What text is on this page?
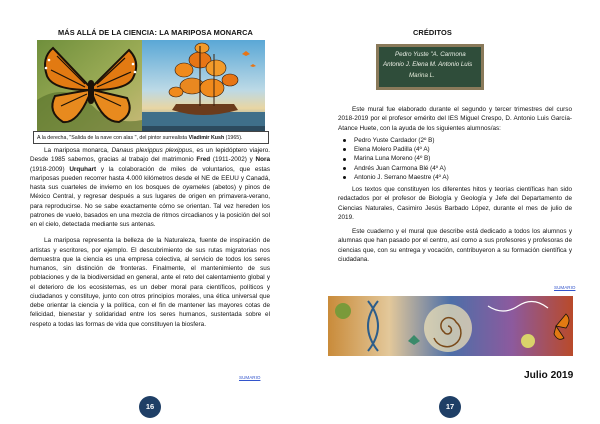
MÁS ALLÁ DE LA CIENCIA: LA MARIPOSA MONARCA
A la derecha, "Salida de la nave con alas ", del pintor surrealista Vladimir Kush (1965).

La mariposa monarca, Danaus plexippus plexippus, es un lepidóptero viajero. Desde 1985 sabemos, gracias al trabajo del matrimonio Fred (1911-2002) y Nora (1918-2009) Urquhart y la colaboración de miles de voluntarios, que estas mariposas pueden recorrer hasta 4.000 kilómetros desde el NE de EEUU y Canadá, hasta sus cuarteles de invierno en los bosques de oyameles (abetos) y pinos de México Central, y regresar después a sus lugares de origen en primavera-verano, para reproducirse. No se sabe exactamente cómo se orientan. Tal vez hereden los patrones de vuelo, basados en una mezcla de ritmos circadianos y la posición del sol en el cielo, detectada mediante sus antenas.

La mariposa representa la belleza de la Naturaleza, fuente de inspiración de artistas y escritores, por ejemplo. El descubrimiento de sus rutas migratorias nos demuestra que la ciencia es una empresa colectiva, al servicio de todos los seres humanos, sin distinción de fronteras. Finalmente, el mantenimiento de sus poblaciones y de la biodiversidad en general, ante el reto del calentamiento global y el deterioro de los ecosistemas, es un deber moral para científicos, políticos y ciudadanos y constituye, junto con otros principios morales, una ética universal que debe orientar la ciencia y la política, con el fin de mantener las mayores cotas de felicidad, bienestar y solidaridad entre los seres humanos, sustentada sobre el respeto a todas las formas de vida que constituyen la biosfera.

SUMARIO
16
CRÉDITOS
Pedro Yuste "A. Carmona
Antonio J. Elena M. Antonio Luis
Marina L.

Este mural fue elaborado durante el segundo y tercer trimestres del curso 2018-2019 por el profesor emérito del IES Miguel Crespo, D. Antonio Luis García-Atance Huete, con la ayuda de los siguientes alumnos/as:

Pedro Yuste Cardador (2º B)
Elena Molero Padilla (4º A)
Marina Luna Moreno (4º B)
Andrés Juan Carmona Blé (4º A)
Antonio J. Serrano Maestre (4º A)

Los textos que constituyen los diferentes hitos y teorías científicas han sido redactados por el profesor de Biología y Geología y Jefe del Departamento de Ciencias Naturales, Casimiro Jesús Barbado López, durante el mes de julio de 2019.

Este cuaderno y el mural que describe está dedicado a todos los alumnos y alumnas que han pasado por el centro, así como a sus profesores y profesoras de ciencias que, con su entrega y vocación, contribuyeron a su formación científica y ciudadana.

SUMARIO
Julio 2019
17
